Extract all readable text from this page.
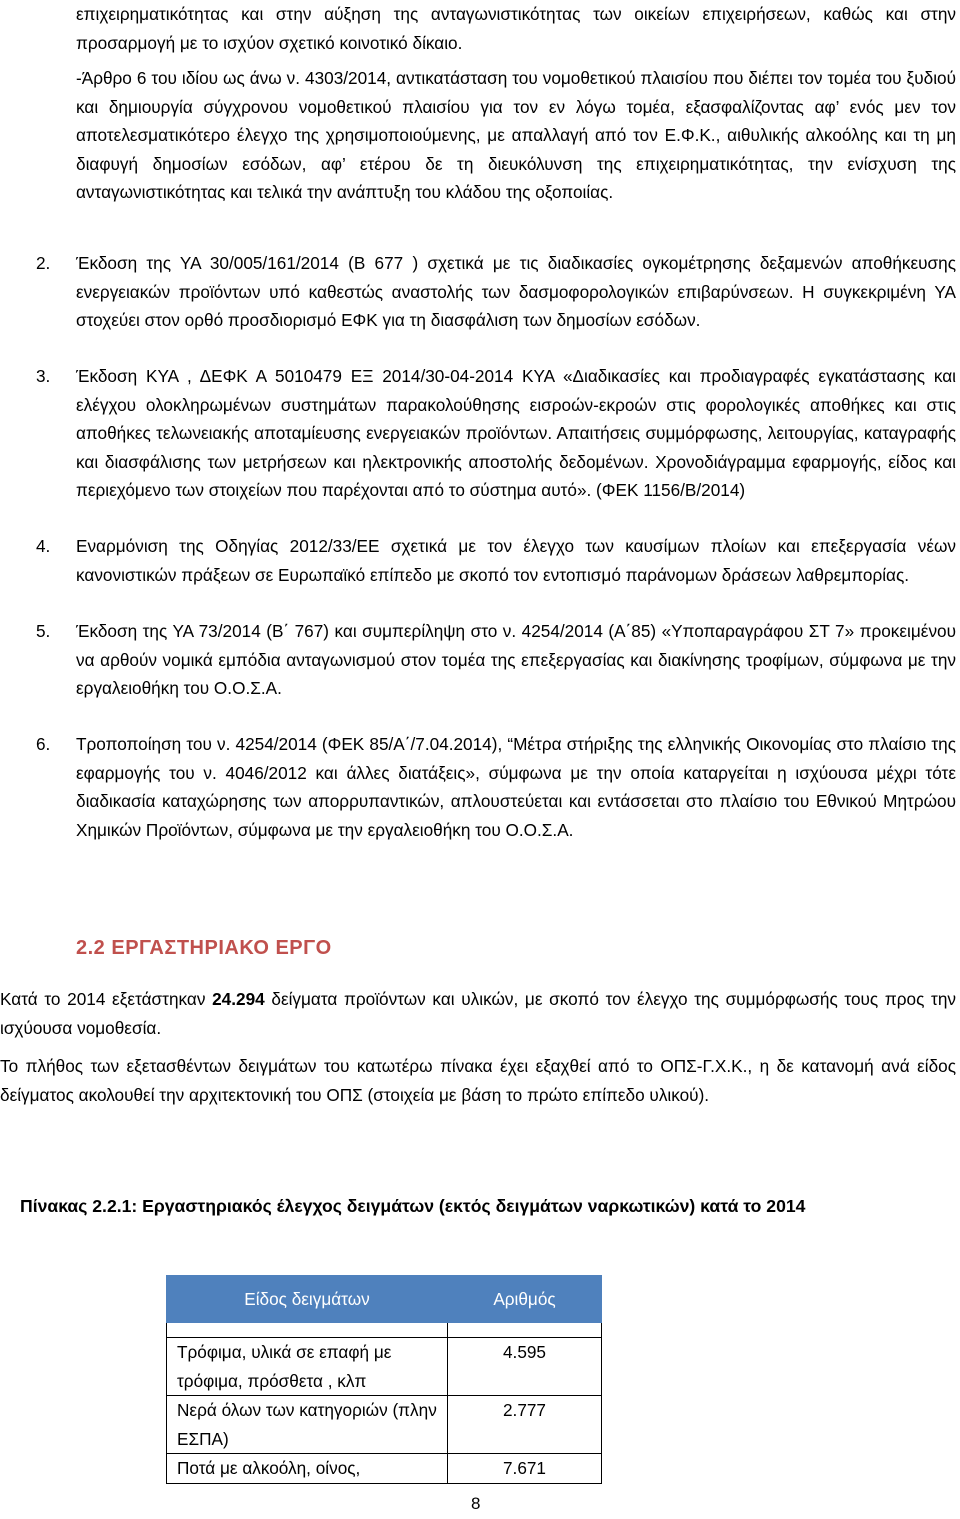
επιχειρηματικότητας και στην αύξηση της ανταγωνιστικότητας των οικείων επιχειρήσεων, καθώς και στην προσαρμογή με το ισχύον σχετικό κοινοτικό δίκαιο.

-Άρθρο 6 του ιδίου ως άνω ν. 4303/2014, αντικατάσταση του νομοθετικού πλαισίου που διέπει τον τομέα του ξυδιού και δημιουργία σύγχρονου νομοθετικού πλαισίου για τον εν λόγω τομέα, εξασφαλίζοντας αφ’ ενός μεν τον αποτελεσματικότερο έλεγχο της χρησιμοποιούμενης, με απαλλαγή από τον Ε.Φ.Κ., αιθυλικής αλκοόλης και τη μη διαφυγή δημοσίων εσόδων, αφ’ ετέρου δε τη διευκόλυνση της επιχειρηματικότητας, την ενίσχυση της ανταγωνιστικότητας και τελικά την ανάπτυξη του κλάδου της οξοποιίας.

2. Έκδοση της ΥΑ 30/005/161/2014 (Β 677 ) σχετικά με τις διαδικασίες ογκομέτρησης δεξαμενών αποθήκευσης ενεργειακών προϊόντων υπό καθεστώς αναστολής των δασμοφορολογικών επιβαρύνσεων. Η συγκεκριμένη ΥΑ στοχεύει στον ορθό προσδιορισμό ΕΦΚ για τη διασφάλιση των δημοσίων εσόδων.

3. Έκδοση ΚΥΑ , ΔΕΦΚ Α 5010479 ΕΞ 2014/30-04-2014 ΚΥΑ «Διαδικασίες και προδιαγραφές εγκατάστασης και ελέγχου ολοκληρωμένων συστημάτων παρακολούθησης εισροών-εκροών στις φορολογικές αποθήκες και στις αποθήκες τελωνειακής αποταμίευσης ενεργειακών προϊόντων. Απαιτήσεις συμμόρφωσης, λειτουργίας, καταγραφής και διασφάλισης των μετρήσεων και ηλεκτρονικής αποστολής δεδομένων. Χρονοδιάγραμμα εφαρμογής, είδος και περιεχόμενο των στοιχείων που παρέχονται από το σύστημα αυτό». (ΦΕΚ 1156/Β/2014)

4. Εναρμόνιση της Οδηγίας 2012/33/ΕΕ σχετικά με τον έλεγχο των καυσίμων πλοίων και επεξεργασία νέων κανονιστικών πράξεων σε Ευρωπαϊκό επίπεδο με σκοπό τον εντοπισμό παράνομων δράσεων λαθρεμπορίας.

5. Έκδοση της ΥΑ 73/2014 (Β΄ 767) και συμπερίληψη στο ν. 4254/2014 (Α΄85) «Υποπαραγράφου ΣΤ 7» προκειμένου να αρθούν νομικά εμπόδια ανταγωνισμού στον τομέα της επεξεργασίας και διακίνησης τροφίμων, σύμφωνα με την εργαλειοθήκη του Ο.Ο.Σ.Α.

6. Τροποποίηση του ν. 4254/2014 (ΦΕΚ 85/Α΄/7.04.2014), “Μέτρα στήριξης της ελληνικής Οικονομίας στο πλαίσιο της εφαρμογής του ν. 4046/2012 και άλλες διατάξεις», σύμφωνα με την οποία καταργείται η ισχύουσα μέχρι τότε διαδικασία καταχώρησης των απορρυπαντικών, απλουστεύεται και εντάσσεται στο πλαίσιο του Εθνικού Μητρώου Χημικών Προϊόντων, σύμφωνα με την εργαλειοθήκη του Ο.Ο.Σ.Α.

2.2 ΕΡΓΑΣΤΗΡΙΑΚΟ ΕΡΓΟ

Κατά το 2014 εξετάστηκαν 24.294 δείγματα προϊόντων και υλικών, με σκοπό τον έλεγχο της συμμόρφωσής τους προς την ισχύουσα νομοθεσία.

Το πλήθος των εξετασθέντων δειγμάτων του κατωτέρω πίνακα έχει εξαχθεί από το ΟΠΣ-Γ.Χ.Κ., η δε κατανομή ανά είδος δείγματος ακολουθεί την αρχιτεκτονική του ΟΠΣ (στοιχεία με βάση το πρώτο επίπεδο υλικού).

Πίνακας 2.2.1: Εργαστηριακός έλεγχος δειγμάτων (εκτός δειγμάτων ναρκωτικών) κατά το 2014

Είδος δειγμάτων	Αριθμός

Τρόφιμα, υλικά σε επαφή με τρόφιμα, πρόσθετα , κλπ	4.595
Νερά όλων των κατηγοριών (πλην ΕΣΠΑ)	2.777
Ποτά με αλκοόλη, οίνος,	7.671
8
